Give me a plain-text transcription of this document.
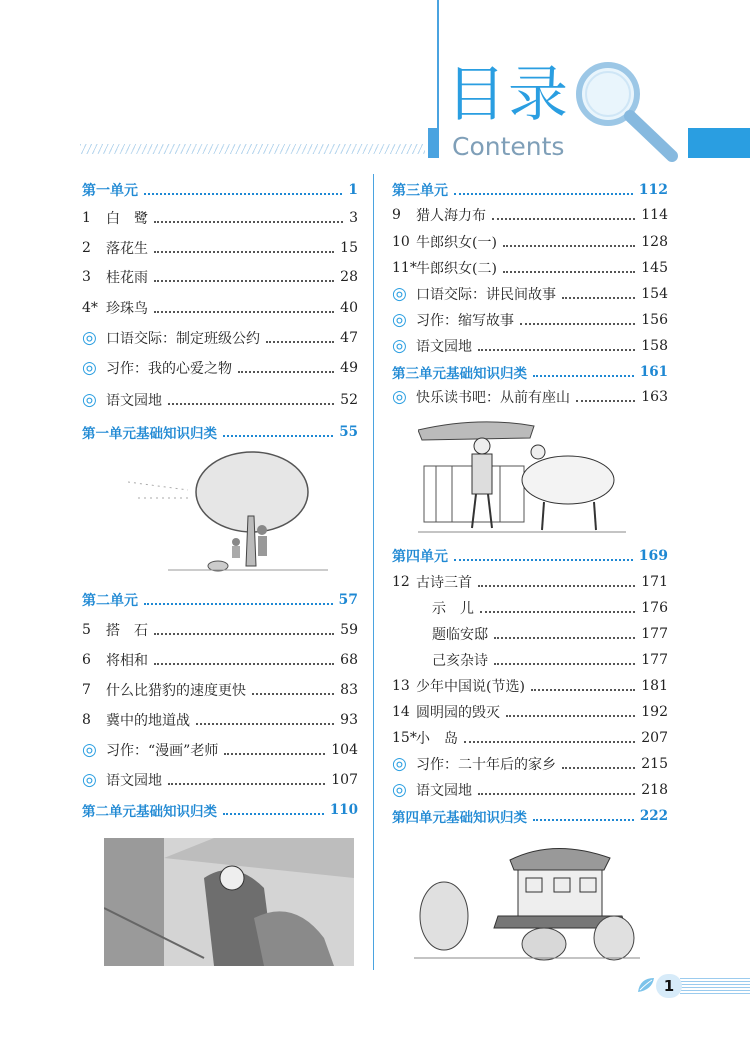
目录
Contents
第一单元	1
1	白　鹭	3
2	落花生	15
3	桂花雨	28
4* 珍珠鸟	40
◎ 口语交际：制定班级公约	47
◎ 习作：我的心爱之物	49
◎ 语文园地	52
第一单元基础知识归类	55
第二单元	57
5	搭　石	59
6	将相和	68
7	什么比猎豹的速度更快	83
8	冀中的地道战	93
◎ 习作：“漫画”老师	104
◎ 语文园地	107
第二单元基础知识归类	110
第三单元	112
9	猎人海力布	114
10 牛郎织女(一)	128
11* 牛郎织女(二)	145
◎ 口语交际：讲民间故事	154
◎ 习作：缩写故事	156
◎ 语文园地	158
第三单元基础知识归类	161
◎ 快乐读书吧：从前有座山	163
第四单元	169
12 古诗三首	171
示　儿	176
题临安邸	177
己亥杂诗	177
13 少年中国说(节选)	181
14 圆明园的毁灭	192
15* 小　岛	207
◎ 习作：二十年后的家乡	215
◎ 语文园地	218
第四单元基础知识归类	222
1
